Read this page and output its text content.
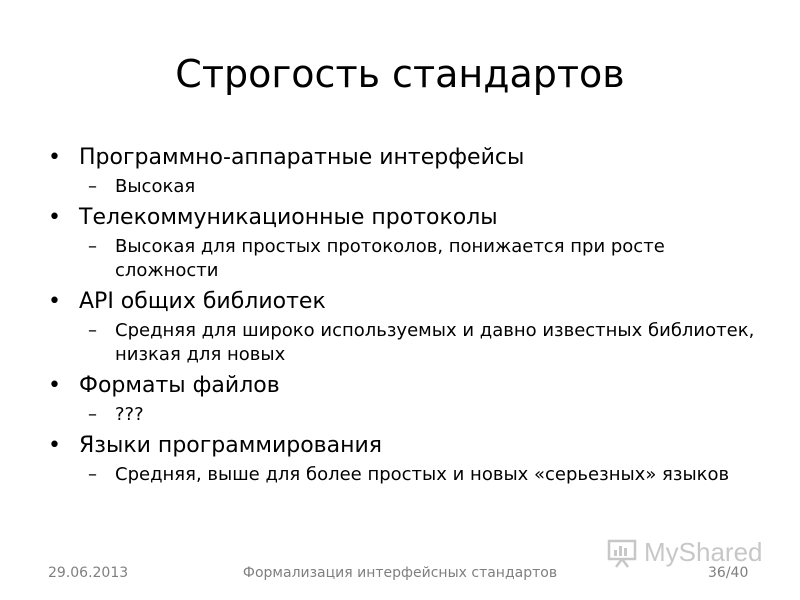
Строгость стандартов
• Программно-аппаратные интерфейсы
– Высокая
• Телекоммуникационные протоколы
– Высокая для простых протоколов, понижается при росте сложности
• API общих библиотек
– Средняя для широко используемых и давно известных библиотек, низкая для новых
• Форматы файлов
– ???
• Языки программирования
– Средняя, выше для более простых и новых «серьезных» языков
29.06.2013	Формализация интерфейсных стандартов
MyShared
36/40
